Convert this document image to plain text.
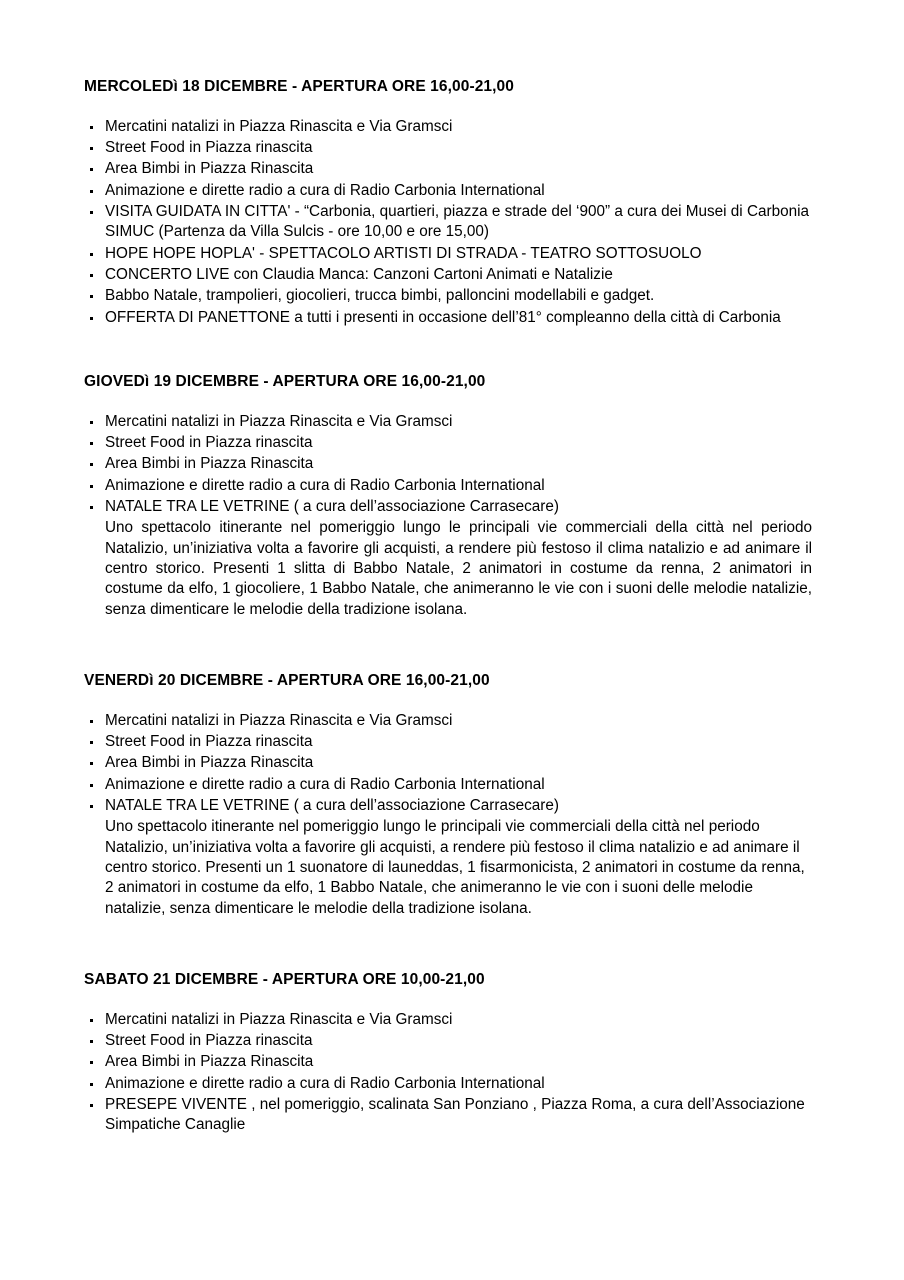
MERCOLEDì 18 DICEMBRE - APERTURA ORE 16,00-21,00
Mercatini natalizi in Piazza Rinascita e Via Gramsci
Street Food in Piazza rinascita
Area Bimbi in Piazza Rinascita
Animazione e dirette radio a cura di Radio Carbonia International
VISITA GUIDATA IN CITTA' - “Carbonia, quartieri, piazza e strade del ‘900” a cura dei Musei di Carbonia SIMUC (Partenza da Villa Sulcis - ore 10,00 e ore 15,00)
HOPE HOPE HOPLA' - SPETTACOLO ARTISTI DI STRADA - TEATRO SOTTOSUOLO
CONCERTO LIVE con Claudia Manca: Canzoni Cartoni Animati e Natalizie
Babbo Natale, trampolieri, giocolieri, trucca bimbi, palloncini modellabili e gadget.
OFFERTA DI PANETTONE a tutti i presenti in occasione dell’81° compleanno della città di Carbonia
GIOVEDì 19 DICEMBRE - APERTURA ORE 16,00-21,00
Mercatini natalizi in Piazza Rinascita e Via Gramsci
Street Food in Piazza rinascita
Area Bimbi in Piazza Rinascita
Animazione e dirette radio a cura di Radio Carbonia International
NATALE TRA LE VETRINE ( a cura dell’associazione Carrasecare)

Uno spettacolo itinerante nel pomeriggio lungo le principali vie commerciali della città nel periodo Natalizio, un’iniziativa volta a favorire gli acquisti, a rendere più festoso il clima natalizio e ad animare il centro storico. Presenti 1 slitta di Babbo Natale, 2 animatori in costume da renna, 2 animatori in costume da elfo, 1 giocoliere, 1 Babbo Natale, che animeranno le vie con i suoni delle melodie natalizie, senza dimenticare le melodie della tradizione isolana.

VENERDì 20 DICEMBRE - APERTURA ORE 16,00-21,00
Mercatini natalizi in Piazza Rinascita e Via Gramsci
Street Food in Piazza rinascita
Area Bimbi in Piazza Rinascita
Animazione e dirette radio a cura di Radio Carbonia International
NATALE TRA LE VETRINE ( a cura dell’associazione Carrasecare)

Uno spettacolo itinerante nel pomeriggio lungo le principali vie commerciali della città nel periodo Natalizio, un’iniziativa volta a favorire gli acquisti, a rendere più festoso il clima natalizio e ad animare il centro storico. Presenti un 1 suonatore di launeddas, 1 fisarmonicista, 2 animatori in costume da renna, 2 animatori in costume da elfo, 1 Babbo Natale, che animeranno le vie con i suoni delle melodie natalizie, senza dimenticare le melodie della tradizione isolana.

SABATO 21 DICEMBRE - APERTURA ORE 10,00-21,00
Mercatini natalizi in Piazza Rinascita e Via Gramsci
Street Food in Piazza rinascita
Area Bimbi in Piazza Rinascita
Animazione e dirette radio a cura di Radio Carbonia International
PRESEPE VIVENTE , nel pomeriggio, scalinata San Ponziano , Piazza Roma, a cura dell’Associazione Simpatiche Canaglie
